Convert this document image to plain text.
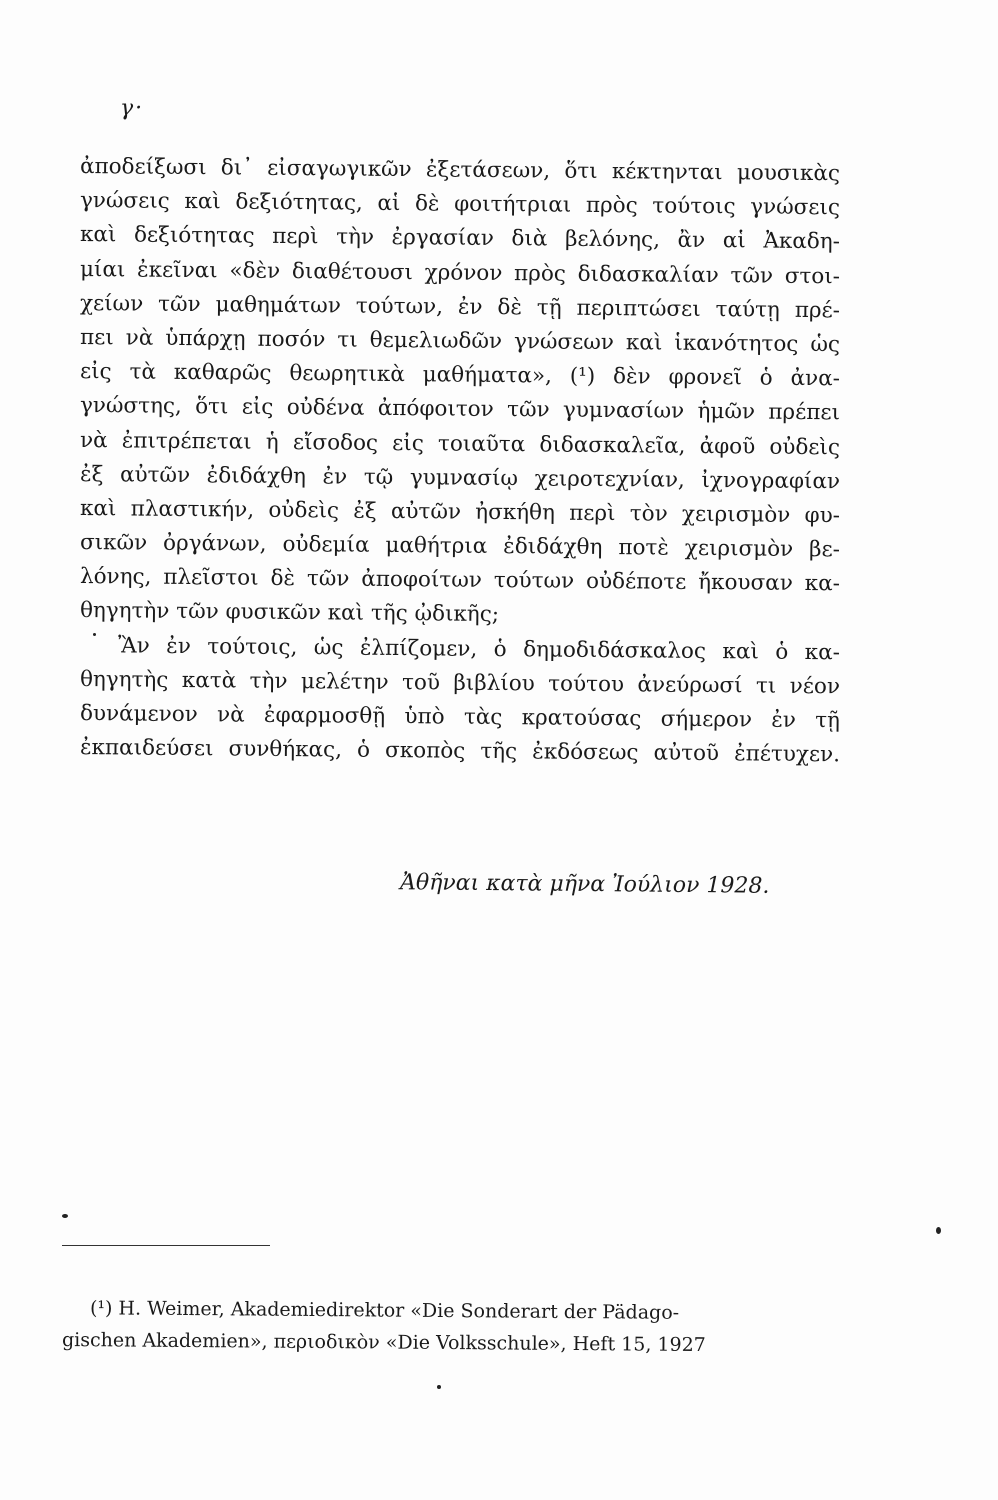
γ·
ἀποδείξωσι δι᾽ εἰσαγωγικῶν ἐξετάσεων, ὅτι κέκτηνται μουσικὰς
γνώσεις καὶ δεξιότητας, αἱ δὲ φοιτήτριαι πρὸς τούτοις γνώσεις
καὶ δεξιότητας περὶ τὴν ἐργασίαν διὰ βελόνης, ἂν αἱ Ἀκαδη-
μίαι ἐκεῖναι «δὲν διαθέτουσι χρόνον πρὸς διδασκαλίαν τῶν στοι-
χείων τῶν μαθημάτων τούτων, ἐν δὲ τῇ περιπτώσει ταύτῃ πρέ-
πει νὰ ὑπάρχῃ ποσόν τι θεμελιωδῶν γνώσεων καὶ ἱκανότητος ὡς
εἰς τὰ καθαρῶς θεωρητικὰ μαθήματα», (¹) δὲν φρονεῖ ὁ ἀνα-
γνώστης, ὅτι εἰς οὐδένα ἀπόφοιτον τῶν γυμνασίων ἡμῶν πρέπει
νὰ ἐπιτρέπεται ἡ εἴσοδος εἰς τοιαῦτα διδασκαλεῖα, ἀφοῦ οὐδεὶς
ἐξ αὐτῶν ἐδιδάχθη ἐν τῷ γυμνασίῳ χειροτεχνίαν, ἰχνογραφίαν
καὶ πλαστικήν, οὐδεὶς ἐξ αὐτῶν ἠσκήθη περὶ τὸν χειρισμὸν φυ-
σικῶν ὀργάνων, οὐδεμία μαθήτρια ἐδιδάχθη ποτὲ χειρισμὸν βε-
λόνης, πλεῖστοι δὲ τῶν ἀποφοίτων τούτων οὐδέποτε ἤκουσαν κα-
θηγητὴν τῶν φυσικῶν καὶ τῆς ᾠδικῆς;
Ἂν ἐν τούτοις, ὡς ἐλπίζομεν, ὁ δημοδιδάσκαλος καὶ ὁ κα-
θηγητὴς κατὰ τὴν μελέτην τοῦ βιβλίου τούτου ἀνεύρωσί τι νέον
δυνάμενον νὰ ἐφαρμοσθῇ ὑπὸ τὰς κρατούσας σήμερον ἐν τῇ
ἐκπαιδεύσει συνθήκας, ὁ σκοπὸς τῆς ἐκδόσεως αὐτοῦ ἐπέτυχεν.
Ἀθῆναι κατὰ μῆνα Ἰούλιον 1928.
(¹) H. Weimer, Akademiedirektor «Die Sonderart der Pädago-
gischen Akademien», περιοδικὸν «Die Volksschule», Heft 15, 1927
